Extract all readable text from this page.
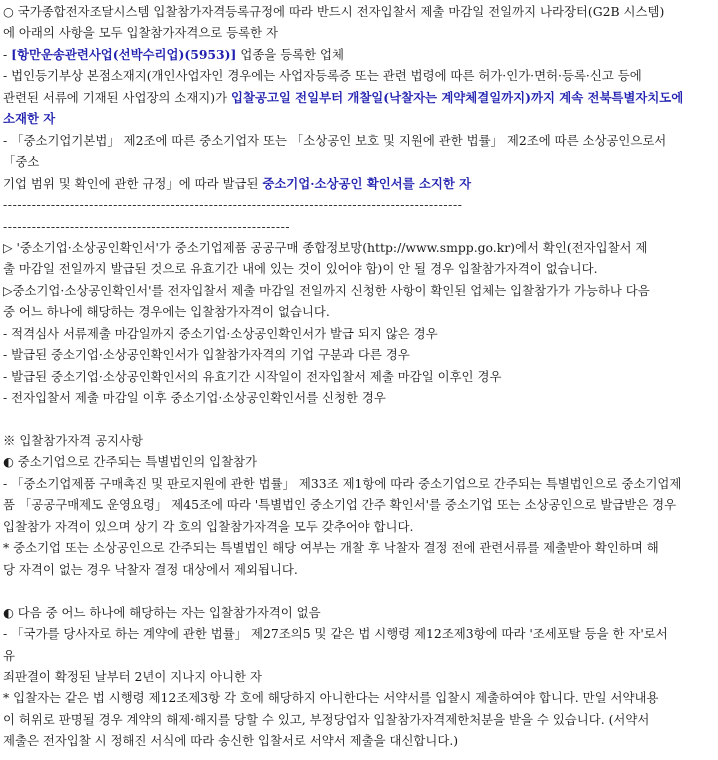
○ 국가종합전자조달시스템 입찰참가자격등록규정에 따라 반드시 전자입찰서 제출 마감일 전일까지 나라장터(G2B 시스템)
에 아래의 사항을 모두 입찰참가자격으로 등록한 자
- [항만운송관련사업(선박수리업)(5953)] 업종을 등록한 업체
- 법인등기부상 본점소재지(개인사업자인 경우에는 사업자등록증 또는 관련 법령에 따른 허가·인가·면허·등록·신고 등에
관련된 서류에 기재된 사업장의 소재지)가 입찰공고일 전일부터 개찰일(낙찰자는 계약체결일까지)까지 계속 전북특별자치도에
소재한 자
- 「중소기업기본법」 제2조에 따른 중소기업자 또는 「소상공인 보호 및 지원에 관한 법률」 제2조에 따른 소상공인으로서
「중소
기업 범위 및 확인에 관한 규정」에 따라 발급된 중소기업·소상공인 확인서를 소지한 자
------------------------------------------------------------------------------------------------
------------------------------------------------------------
▷ '중소기업·소상공인확인서'가 중소기업제품 공공구매 종합정보망(http://www.smpp.go.kr)에서 확인(전자입찰서 제
출 마감일 전일까지 발급된 것으로 유효기간 내에 있는 것이 있어야 함)이 안 될 경우 입찰참가자격이 없습니다.
▷중소기업·소상공인확인서'를 전자입찰서 제출 마감일 전일까지 신청한 사항이 확인된 업체는 입찰참가가 가능하나 다음
중 어느 하나에 해당하는 경우에는 입찰참가자격이 없습니다.
- 적격심사 서류제출 마감일까지 중소기업·소상공인확인서가 발급 되지 않은 경우
- 발급된 중소기업·소상공인확인서가 입찰참가자격의 기업 구분과 다른 경우
- 발급된 중소기업·소상공인확인서의 유효기간 시작일이 전자입찰서 제출 마감일 이후인 경우
- 전자입찰서 제출 마감일 이후 중소기업·소상공인확인서를 신청한 경우
※ 입찰참가자격 공지사항
◐ 중소기업으로 간주되는 특별법인의 입찰참가
- 「중소기업제품 구매촉진 및 판로지원에 관한 법률」 제33조 제1항에 따라 중소기업으로 간주되는 특별법인으로 중소기업제
품 「공공구매제도 운영요령」 제45조에 따라 '특별법인 중소기업 간주 확인서'를 중소기업 또는 소상공인으로 발급받은 경우
입찰참가 자격이 있으며 상기 각 호의 입찰참가자격을 모두 갖추어야 합니다.
* 중소기업 또는 소상공인으로 간주되는 특별법인 해당 여부는 개찰 후 낙찰자 결정 전에 관련서류를 제출받아 확인하며 해
당 자격이 없는 경우 낙찰자 결정 대상에서 제외됩니다.
◐ 다음 중 어느 하나에 해당하는 자는 입찰참가자격이 없음
- 「국가를 당사자로 하는 계약에 관한 법률」 제27조의5 및 같은 법 시행령 제12조제3항에 따라 '조세포탈 등을 한 자'로서
유
죄판결이 확정된 날부터 2년이 지나지 아니한 자
* 입찰자는 같은 법 시행령 제12조제3항 각 호에 해당하지 아니한다는 서약서를 입찰시 제출하여야 합니다. 만일 서약내용
이 허위로 판명될 경우 계약의 해제·해지를 당할 수 있고, 부정당업자 입찰참가자격제한처분을 받을 수 있습니다. (서약서
제출은 전자입찰 시 정해진 서식에 따라 송신한 입찰서로 서약서 제출을 대신합니다.)
